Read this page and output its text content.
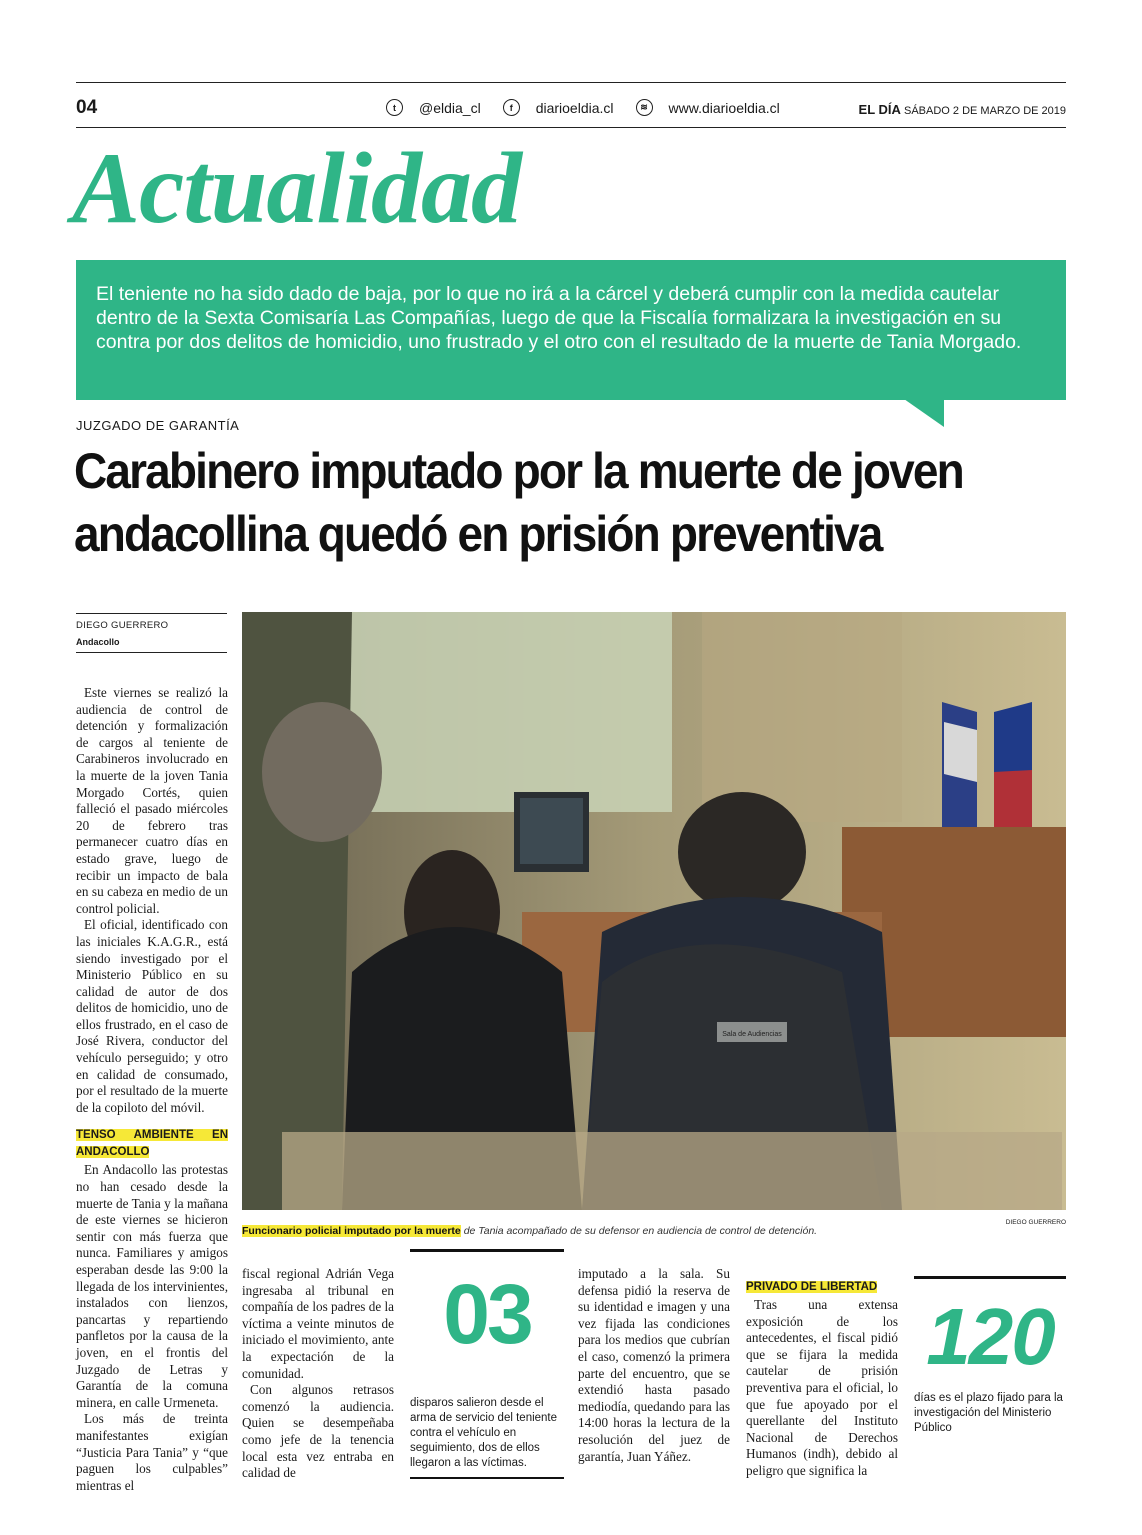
04	t	@eldia_cl	f	diarioeldia.cl	≋	www.diarioeldia.cl	EL DÍA SÁBADO 2 DE MARZO DE 2019
Actualidad

El teniente no ha sido dado de baja, por lo que no irá a la cárcel y deberá cumplir con la medida cautelar dentro de la Sexta Comisaría Las Compañías, luego de que la Fiscalía formalizara la investigación en su contra por dos delitos de homicidio, uno frustrado y el otro con el resultado de la muerte de Tania Morgado.

JUZGADO DE GARANTÍA
Carabinero imputado por la muerte de joven
andacollina quedó en prisión preventiva
DIEGO GUERRERO
Andacollo

Este viernes se realizó la audiencia de control de detención y formalización de cargos al teniente de Carabineros involucrado en la muerte de la joven Tania Morgado Cortés, quien falleció el pasado miércoles 20 de febrero tras permanecer cuatro días en estado grave, luego de recibir un impacto de bala en su cabeza en medio de un control policial.

El oficial, identificado con las iniciales K.A.G.R., está siendo investigado por el Ministerio Público en su calidad de autor de dos delitos de homicidio, uno de ellos frustrado, en el caso de José Rivera, conductor del vehículo perseguido; y otro en calidad de consumado, por el resultado de la muerte de la copiloto del móvil.

TENSO AMBIENTE EN ANDACOLLO

En Andacollo las protestas no han cesado desde la muerte de Tania y la mañana de este viernes se hicieron sentir con más fuerza que nunca. Familiares y amigos esperaban desde las 9:00 la llegada de los intervinientes, instalados con lienzos, pancartas y repartiendo panfletos por la causa de la joven, en el frontis del Juzgado de Letras y Garantía de la comuna minera, en calle Urmeneta.

Los más de treinta manifestantes exigían “Justicia Para Tania” y “que paguen los culpables” mientras el

Sala de Audiencias
DIEGO GUERRERO
Funcionario policial imputado por la muerte de Tania acompañado de su defensor en audiencia de control de detención.

fiscal regional Adrián Vega ingresaba al tribunal en compañía de los padres de la víctima a veinte minutos de iniciado el movimiento, ante la expectación de la comunidad.

Con algunos retrasos comenzó la audiencia. Quien se desempeñaba como jefe de la tenencia local esta vez entraba en calidad de

03
disparos salieron desde el arma de servicio del teniente contra el vehículo en seguimiento, dos de ellos llegaron a las víctimas.

imputado a la sala. Su defensa pidió la reserva de su identidad e imagen y una vez fijada las condiciones para los medios que cubrían el caso, comenzó la primera parte del encuentro, que se extendió hasta pasado mediodía, quedando para las 14:00 horas la lectura de la resolución del juez de garantía, Juan Yáñez.

PRIVADO DE LIBERTAD

Tras una extensa exposición de los antecedentes, el fiscal pidió que se fijara la medida cautelar de prisión preventiva para el oficial, lo que fue apoyado por el querellante del Instituto Nacional de Derechos Humanos (indh), debido al peligro que significa la

120
días es el plazo fijado para la investigación del Ministerio Público
